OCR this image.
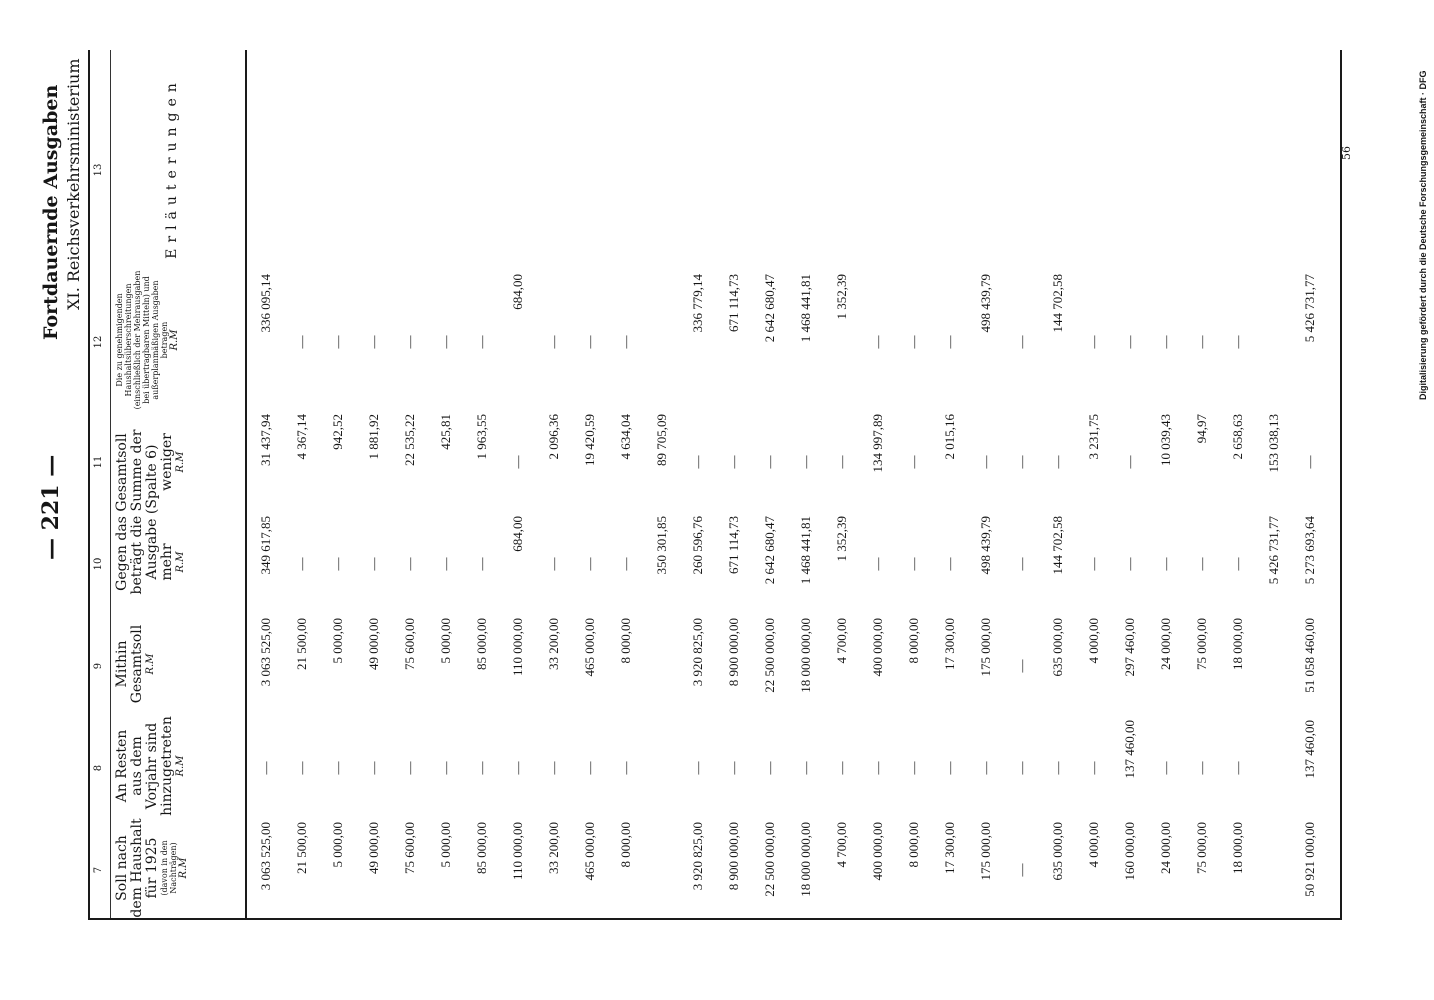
Fortdauernde Ausgaben XI. Reichsverkehrsministerium
— 221 —
7
8
9
10
11
12
13
Soll nach dem Haushalt für 1925 (davon in den Nachträgen) R.M
An Resten aus dem Vorjahr sind hinzugetreten R.M
Mithin Gesamtsoll R.M
Gegen das Gesamtsoll beträgt die Summe der Ausgabe (Spalte 6) mehr R.M
weniger R.M
Die zu genehmigenden Haushaltsüberschreitungen (einschließlich der Mehrausgaben bei übertragbaren Mitteln) und außerplanmäßigen Ausgaben betragen R.M
Erläuterungen
3 063 525,00
—
3 063 525,00
349 617,85
31 437,94
336 095,14
21 500,00
—
21 500,00
—
4 367,14
—
5 000,00
—
5 000,00
—
942,52
—
49 000,00
—
49 000,00
—
1 881,92
—
75 600,00
—
75 600,00
—
22 535,22
—
5 000,00
—
5 000,00
—
425,81
—
85 000,00
—
85 000,00
—
1 963,55
—
110 000,00
—
110 000,00
684,00
—
684,00
33 200,00
—
33 200,00
—
2 096,36
—
465 000,00
—
465 000,00
—
19 420,59
—
8 000,00
—
8 000,00
—
4 634,04
—
350 301,85
89 705,09
3 920 825,00
—
3 920 825,00
260 596,76
—
336 779,14
8 900 000,00
—
8 900 000,00
671 114,73
—
671 114,73
22 500 000,00
—
22 500 000,00
2 642 680,47
—
2 642 680,47
18 000 000,00
—
18 000 000,00
1 468 441,81
—
1 468 441,81
4 700,00
—
4 700,00
1 352,39
—
1 352,39
400 000,00
—
400 000,00
—
134 997,89
—
8 000,00
—
8 000,00
—
—
—
17 300,00
—
17 300,00
—
2 015,16
—
175 000,00
—
175 000,00
498 439,79
—
498 439,79
—
—
—
—
—
—
635 000,00
—
635 000,00
144 702,58
—
144 702,58
4 000,00
—
4 000,00
—
3 231,75
—
160 000,00
137 460,00
297 460,00
—
—
—
24 000,00
—
24 000,00
—
10 039,43
—
75 000,00
—
75 000,00
—
94,97
—
18 000,00
—
18 000,00
—
2 658,63
—
5 426 731,77
153 038,13
50 921 000,00
137 460,00
51 058 460,00
5 273 693,64
—
5 426 731,77	Digitalisierung gefördert durch die Deutsche Forschungsgemeinschaft · DFG
56
